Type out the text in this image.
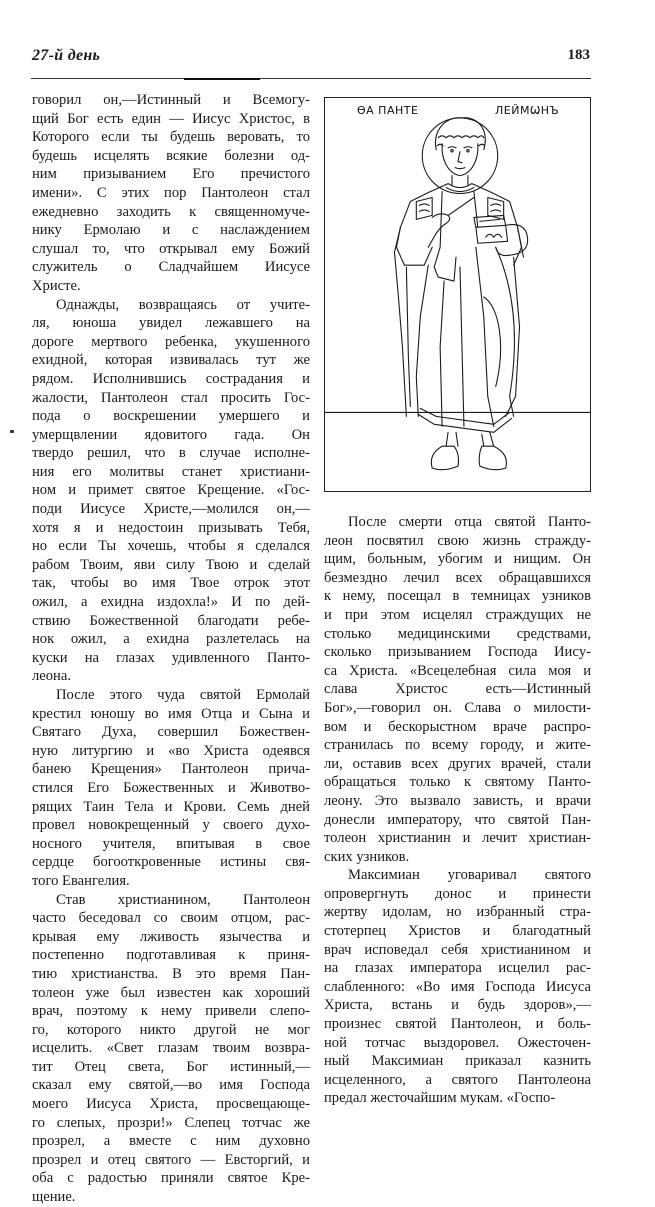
27-й день	183
говорил он,—Истинный и Всемогу-
щий Бог есть един — Иисус Христос, в
Которого если ты будешь веровать, то
будешь исцелять всякие болезни од-
ним призыванием Его пречистого
имени». С этих пор Пантолеон стал
ежедневно заходить к священномуче-
нику Ермолаю и с наслаждением
слушал то, что открывал ему Божий
служитель о Сладчайшем Иисусе
Христе.
Однажды, возвращаясь от учите-
ля, юноша увидел лежавшего на
дороге мертвого ребенка, укушенного
ехидной, которая извивалась тут же
рядом. Исполнившись сострадания и
жалости, Пантолеон стал просить Гос-
пода о воскрешении умершего и
умерщвлении ядовитого гада. Он
твердо решил, что в случае исполне-
ния его молитвы станет христиани-
ном и примет святое Крещение. «Гос-
поди Иисусе Христе,—молился он,—
хотя я и недостоин призывать Тебя,
но если Ты хочешь, чтобы я сделался
рабом Твоим, яви силу Твою и сделай
так, чтобы во имя Твое отрок этот
ожил, а ехидна издохла!» И по дей-
ствию Божественной благодати ребе-
нок ожил, а ехидна разлетелась на
куски на глазах удивленного Панто-
леона.
После этого чуда святой Ермолай
крестил юношу во имя Отца и Сына и
Святаго Духа, совершил Божествен-
ную литургию и «во Христа одеявся
банею Крещения» Пантолеон прича-
стился Его Божественных и Животво-
рящих Таин Тела и Крови. Семь дней
провел новокрещенный у своего духо-
носного учителя, впитывая в свое
сердце богооткровенные истины свя-
того Евангелия.
Став христианином, Пантолеон
часто беседовал со своим отцом, рас-
крывая ему лживость язычества и
постепенно подготавливая к приня-
тию христианства. В это время Пан-
толеон уже был известен как хороший
врач, поэтому к нему привели слепо-
го, которого никто другой не мог
исцелить. «Свет глазам твоим возвра-
тит Отец света, Бог истинный,—
сказал ему святой,—во имя Господа
моего Иисуса Христа, просвещающе-
го слепых, прозри!» Слепец тотчас же
прозрел, а вместе с ним духовно
прозрел и отец святого — Евсторгий, и
оба с радостью приняли святое Кре-
щение.
ѲА ПАНТЕ	ЛЕЙМѠНЪ
После смерти отца святой Панто-
леон посвятил свою жизнь стражду-
щим, больным, убогим и нищим. Он
безмездно лечил всех обращавшихся
к нему, посещал в темницах узников
и при этом исцелял страждущих не
столько медицинскими средствами,
сколько призыванием Господа Иисy-
са Христа. «Всецелебная сила моя и
слава Христос есть—Истинный
Бог»,—говорил он. Слава о милости-
вом и бескорыстном враче распро-
странилась по всему городу, и жите-
ли, оставив всех других врачей, стали
обращаться только к святому Панто-
леону. Это вызвало зависть, и врачи
донесли императору, что святой Пан-
толеон христианин и лечит христиан-
ских узников.
Максимиан уговаривал святого
опровергнуть донос и принести
жертву идолам, но избранный стра-
стотерпец Христов и благодатный
врач исповедал себя христианином и
на глазах императора исцелил рас-
слабленного: «Во имя Господа Иисуса
Христа, встань и будь здоров»,—
произнес святой Пантолеон, и боль-
ной тотчас выздоровел. Ожесточен-
ный Максимиан приказал казнить
исцеленного, а святого Пантолеона
предал жесточайшим мукам. «Госпо-
